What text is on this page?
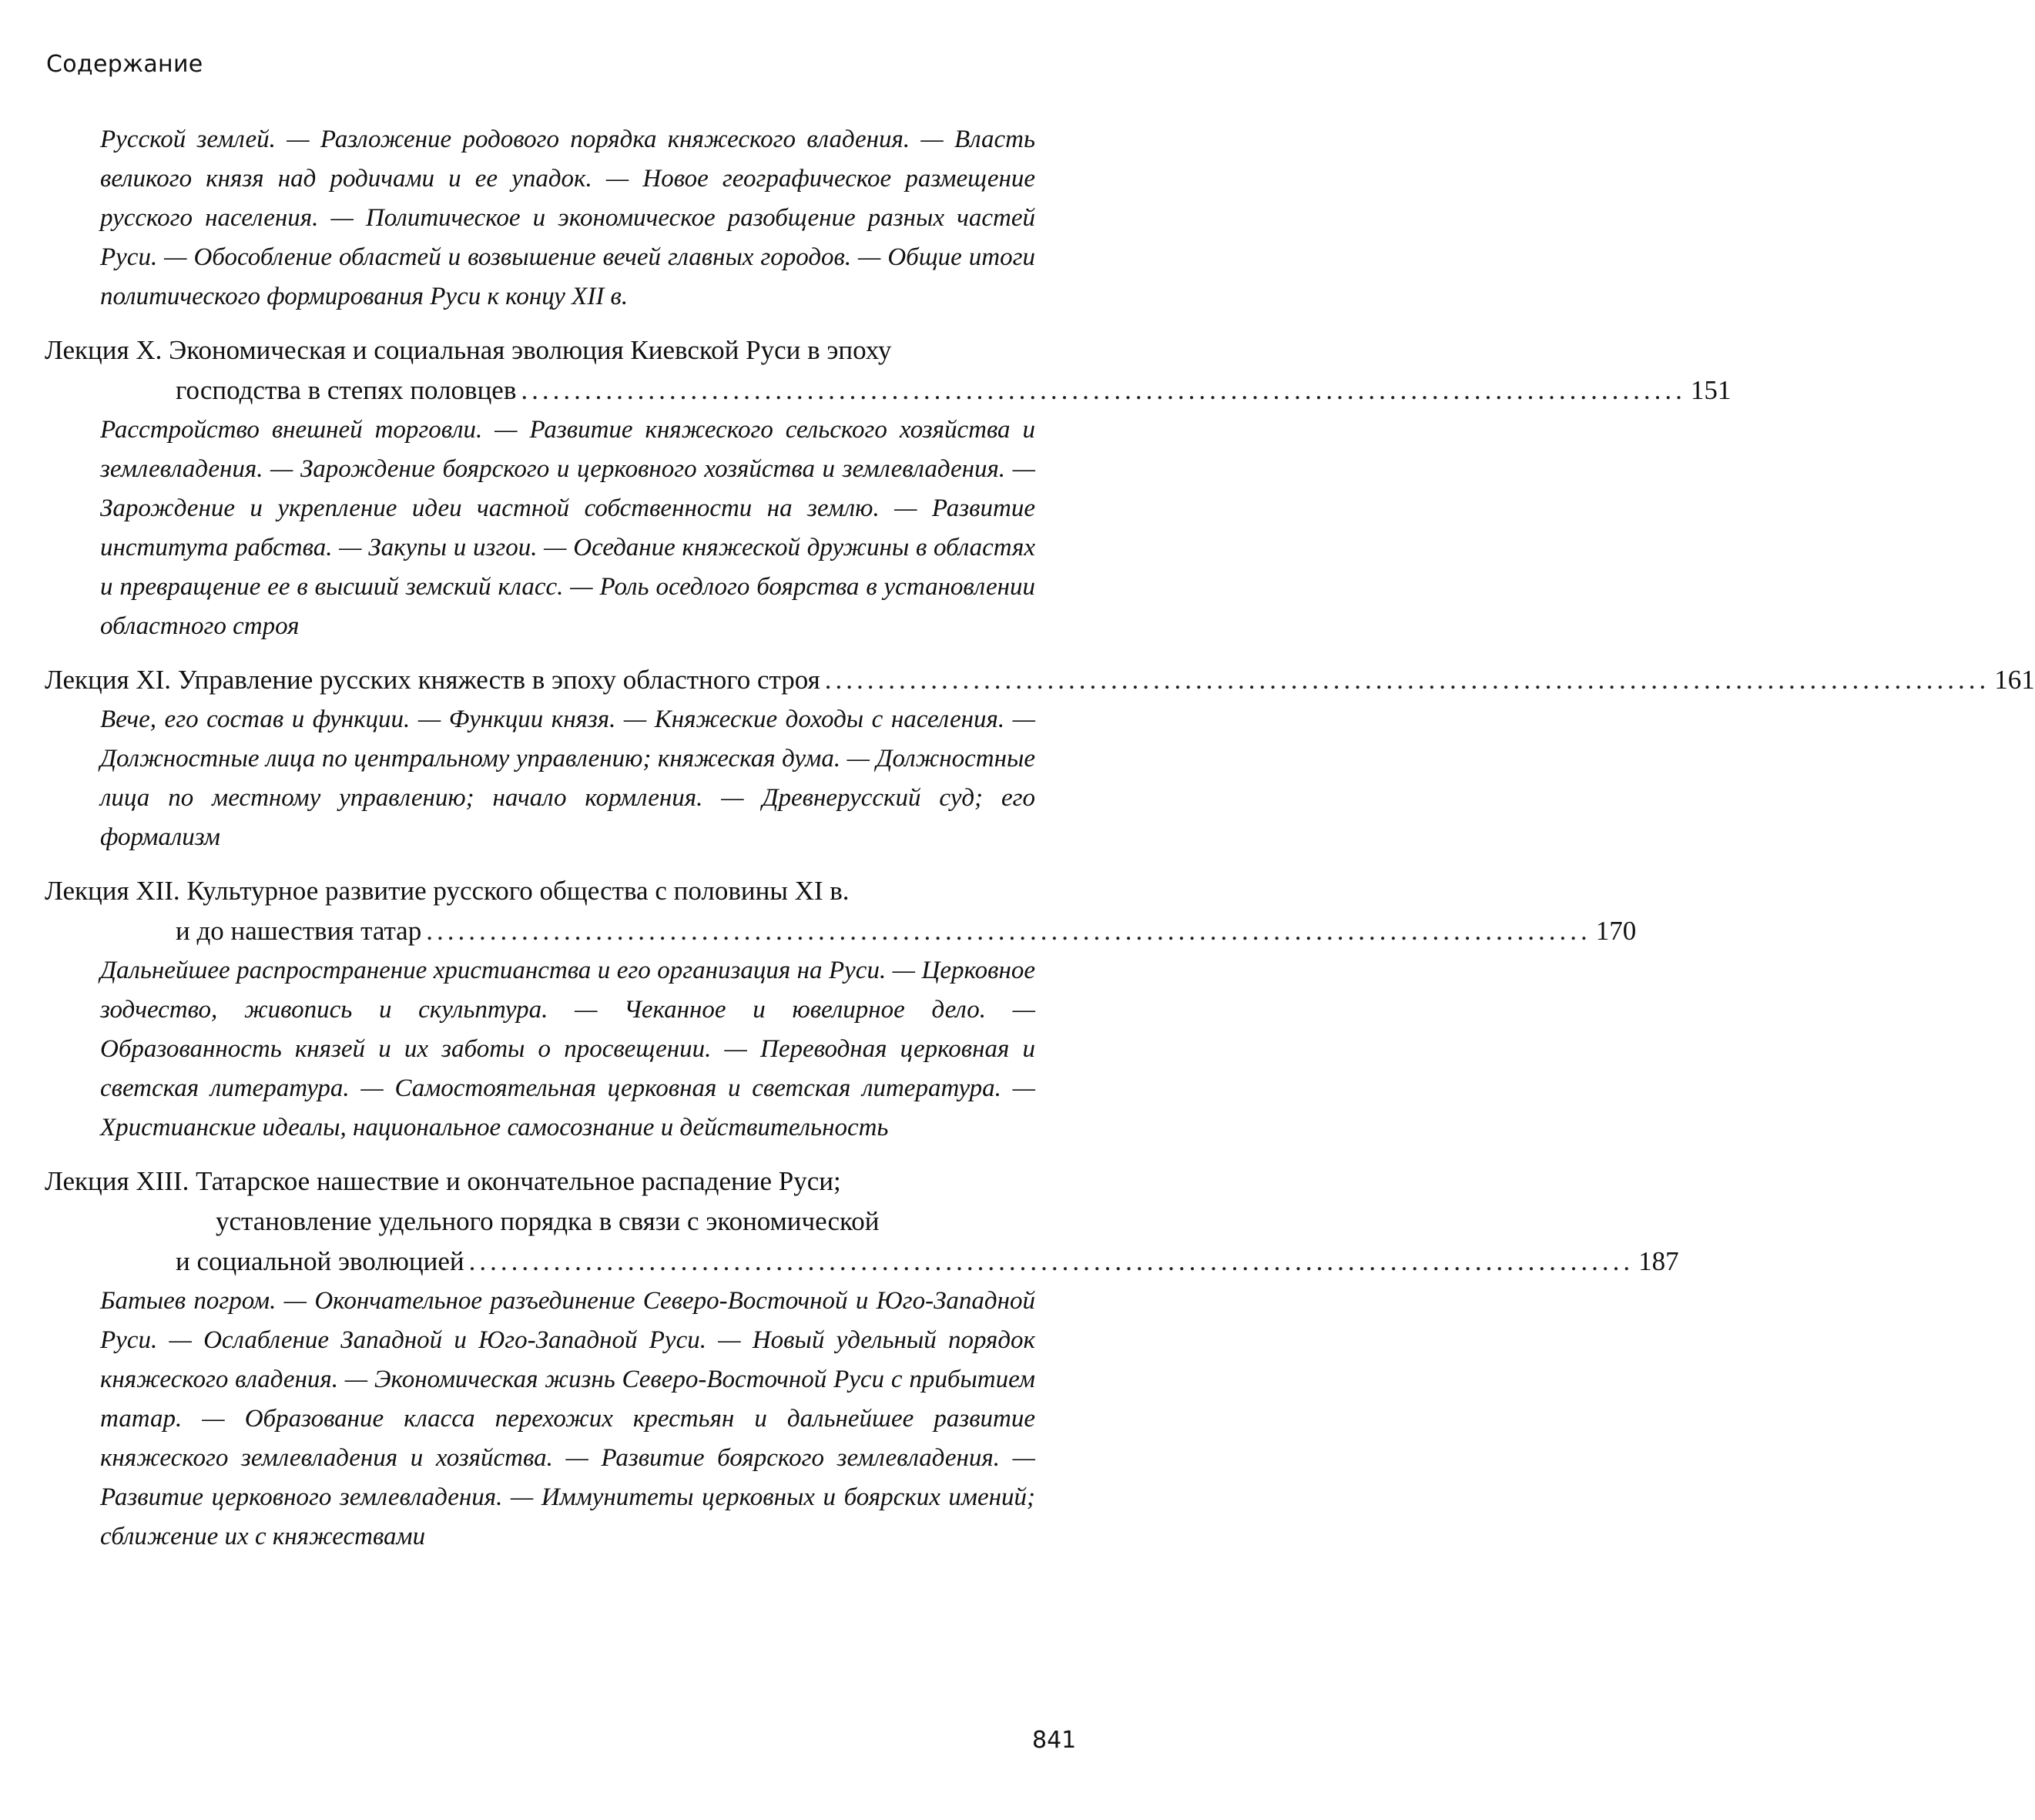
Содержание
Русской землей. — Разложение родового порядка княжеского владения. — Власть великого князя над родичами и ее упадок. — Новое географическое размещение русского населения. — Политическое и экономическое разобщение разных частей Руси. — Обособление областей и возвышение вечей главных городов. — Общие итоги политического формирования Руси к концу XII в.
Лекция X. Экономическая и социальная эволюция Киевской Руси в эпоху
господства в степях половцев .............................................................................................................. 151
Расстройство внешней торговли. — Развитие княжеского сельского хозяйства и землевладения. — Зарождение боярского и церковного хозяйства и землевладения. — Зарождение и укрепление идеи частной собственности на землю. — Развитие института рабства. — Закупы и изгои. — Оседание княжеской дружины в областях и превращение ее в высший земский класс. — Роль оседлого боярства в установлении областного строя
Лекция XI. Управление русских княжеств в эпоху областного строя .............................................................................................................. 161
Вече, его состав и функции. — Функции князя. — Княжеские доходы с населения. — Должностные лица по центральному управлению; княжеская дума. — Должностные лица по местному управлению; начало кормления. — Древнерусский суд; его формализм
Лекция XII. Культурное развитие русского общества с половины XI в.
и до нашествия татар .............................................................................................................. 170
Дальнейшее распространение христианства и его организация на Руси. — Церковное зодчество, живопись и скульптура. — Чеканное и ювелирное дело. — Образованность князей и их заботы о просвещении. — Переводная церковная и светская литература. — Самостоятельная церковная и светская литература. — Христианские идеалы, национальное самосознание и действительность
Лекция XIII. Татарское нашествие и окончательное распадение Руси;
установление удельного порядка в связи с экономической
и социальной эволюцией .............................................................................................................. 187
Батыев погром. — Окончательное разъединение Северо-Восточной и Юго-Западной Руси. — Ослабление Западной и Юго-Западной Руси. — Новый удельный порядок княжеского владения. — Экономическая жизнь Северо-Восточной Руси с прибытием татар. — Образование класса перехожих крестьян и дальнейшее развитие княжеского землевладения и хозяйства. — Развитие боярского землевладения. — Развитие церковного землевладения. — Иммунитеты церковных и боярских имений; сближение их с княжествами
841
